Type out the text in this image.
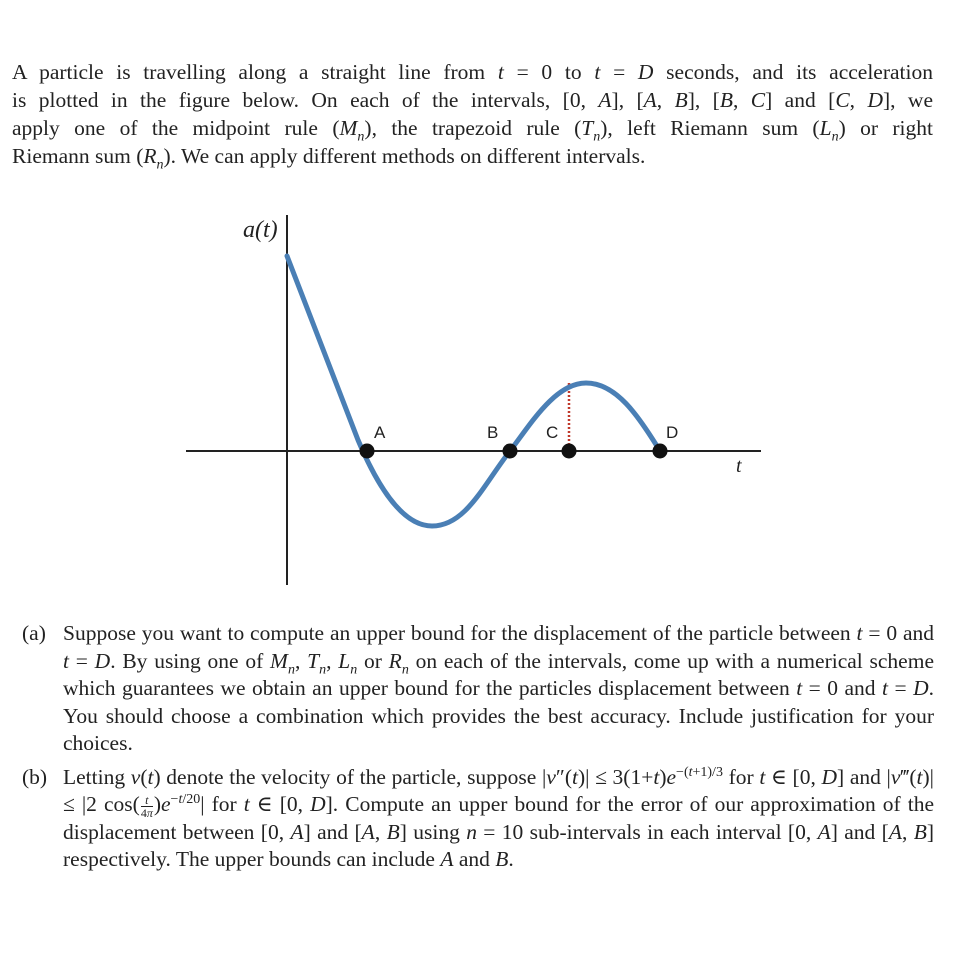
A particle is travelling along a straight line from t = 0 to t = D seconds, and its acceleration
is plotted in the figure below. On each of the intervals, [0, A], [A, B], [B, C] and [C, D], we
apply one of the midpoint rule $(M_n)$, the trapezoid rule $(T_n)$, left Riemann sum $(L_n)$ or right
Riemann sum $(R_n)$. We can apply different methods on different intervals.
a(t)
t
A	B	C	D
(a) Suppose you want to compute an upper bound for the displacement of the particle between t = 0 and t = D. By using one of $M_n$, $T_n$, $L_n$ or $R_n$ on each of the intervals, come up with a numerical scheme which guarantees we obtain an upper bound for the particles displacement between t = 0 and t = D. You should choose a combination which provides the best accuracy. Include justification for your choices.
(b) Letting v(t) denote the velocity of the particle, suppose $|v''(t)| \le 3(1+t)e^{-(t+1)/3}$ for t ∈ [0, D] and |v‴(t)| ≤ |2 $\cos( \frac{t}{4\pi} )e^{-t/20}|$ for t ∈ [0, D]. Compute an upper bound for the error of our approximation of the displacement between [0, A] and [A, B] using n = 10 sub-intervals in each interval [0, A] and [A, B] respectively. The upper bounds can include A and B.
